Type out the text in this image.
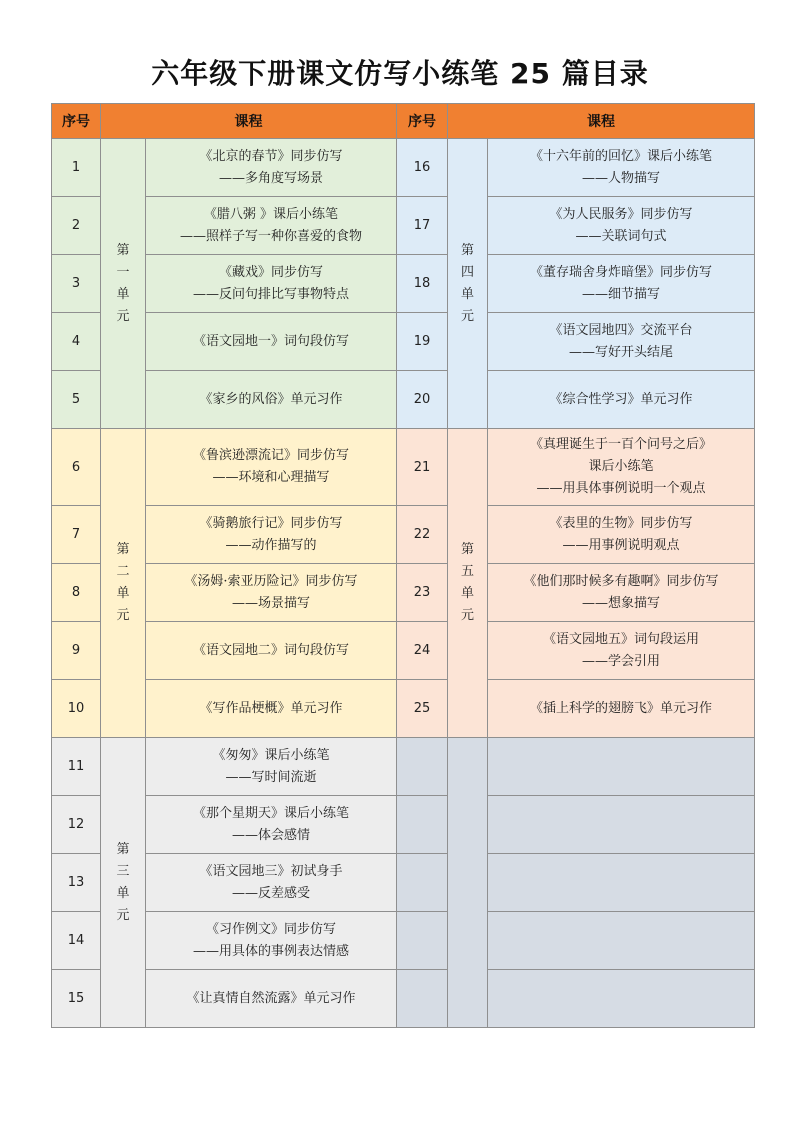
六年级下册课文仿写小练笔 25 篇目录
序号	课程		序号	课程	
1	第
一
单
元	《北京的春节》同步仿写
——多角度写场景	16	第
四
单
元	《十六年前的回忆》课后小练笔
——人物描写

2		《腊八粥 》课后小练笔
——照样子写一种你喜爱的食物	17		《为人民服务》同步仿写
——关联词句式

3		《藏戏》同步仿写
——反问句排比写事物特点	18		《董存瑞舍身炸暗堡》同步仿写
——细节描写

4		《语文园地一》词句段仿写	19		《语文园地四》交流平台
——写好开头结尾

5		《家乡的风俗》单元习作	20		《综合性学习》单元习作

6	第
二
单
元	《鲁滨逊漂流记》同步仿写
——环境和心理描写	21	第
五
单
元	《真理诞生于一百个问号之后》
课后小练笔
——用具体事例说明一个观点

7		《骑鹅旅行记》同步仿写
——动作描写的	22		《表里的生物》同步仿写
——用事例说明观点

8		《汤姆·索亚历险记》同步仿写
——场景描写	23		《他们那时候多有趣啊》同步仿写
——想象描写

9		《语文园地二》词句段仿写	24		《语文园地五》词句段运用
——学会引用

10		《写作品梗概》单元习作	25		《插上科学的翅膀飞》单元习作

11	第
三
单
元	《匆匆》课后小练笔
——写时间流逝			

12		《那个星期天》课后小练笔
——体会感情			

13		《语文园地三》初试身手
——反差感受			

14		《习作例文》同步仿写
——用具体的事例表达情感			

15		《让真情自然流露》单元习作			
